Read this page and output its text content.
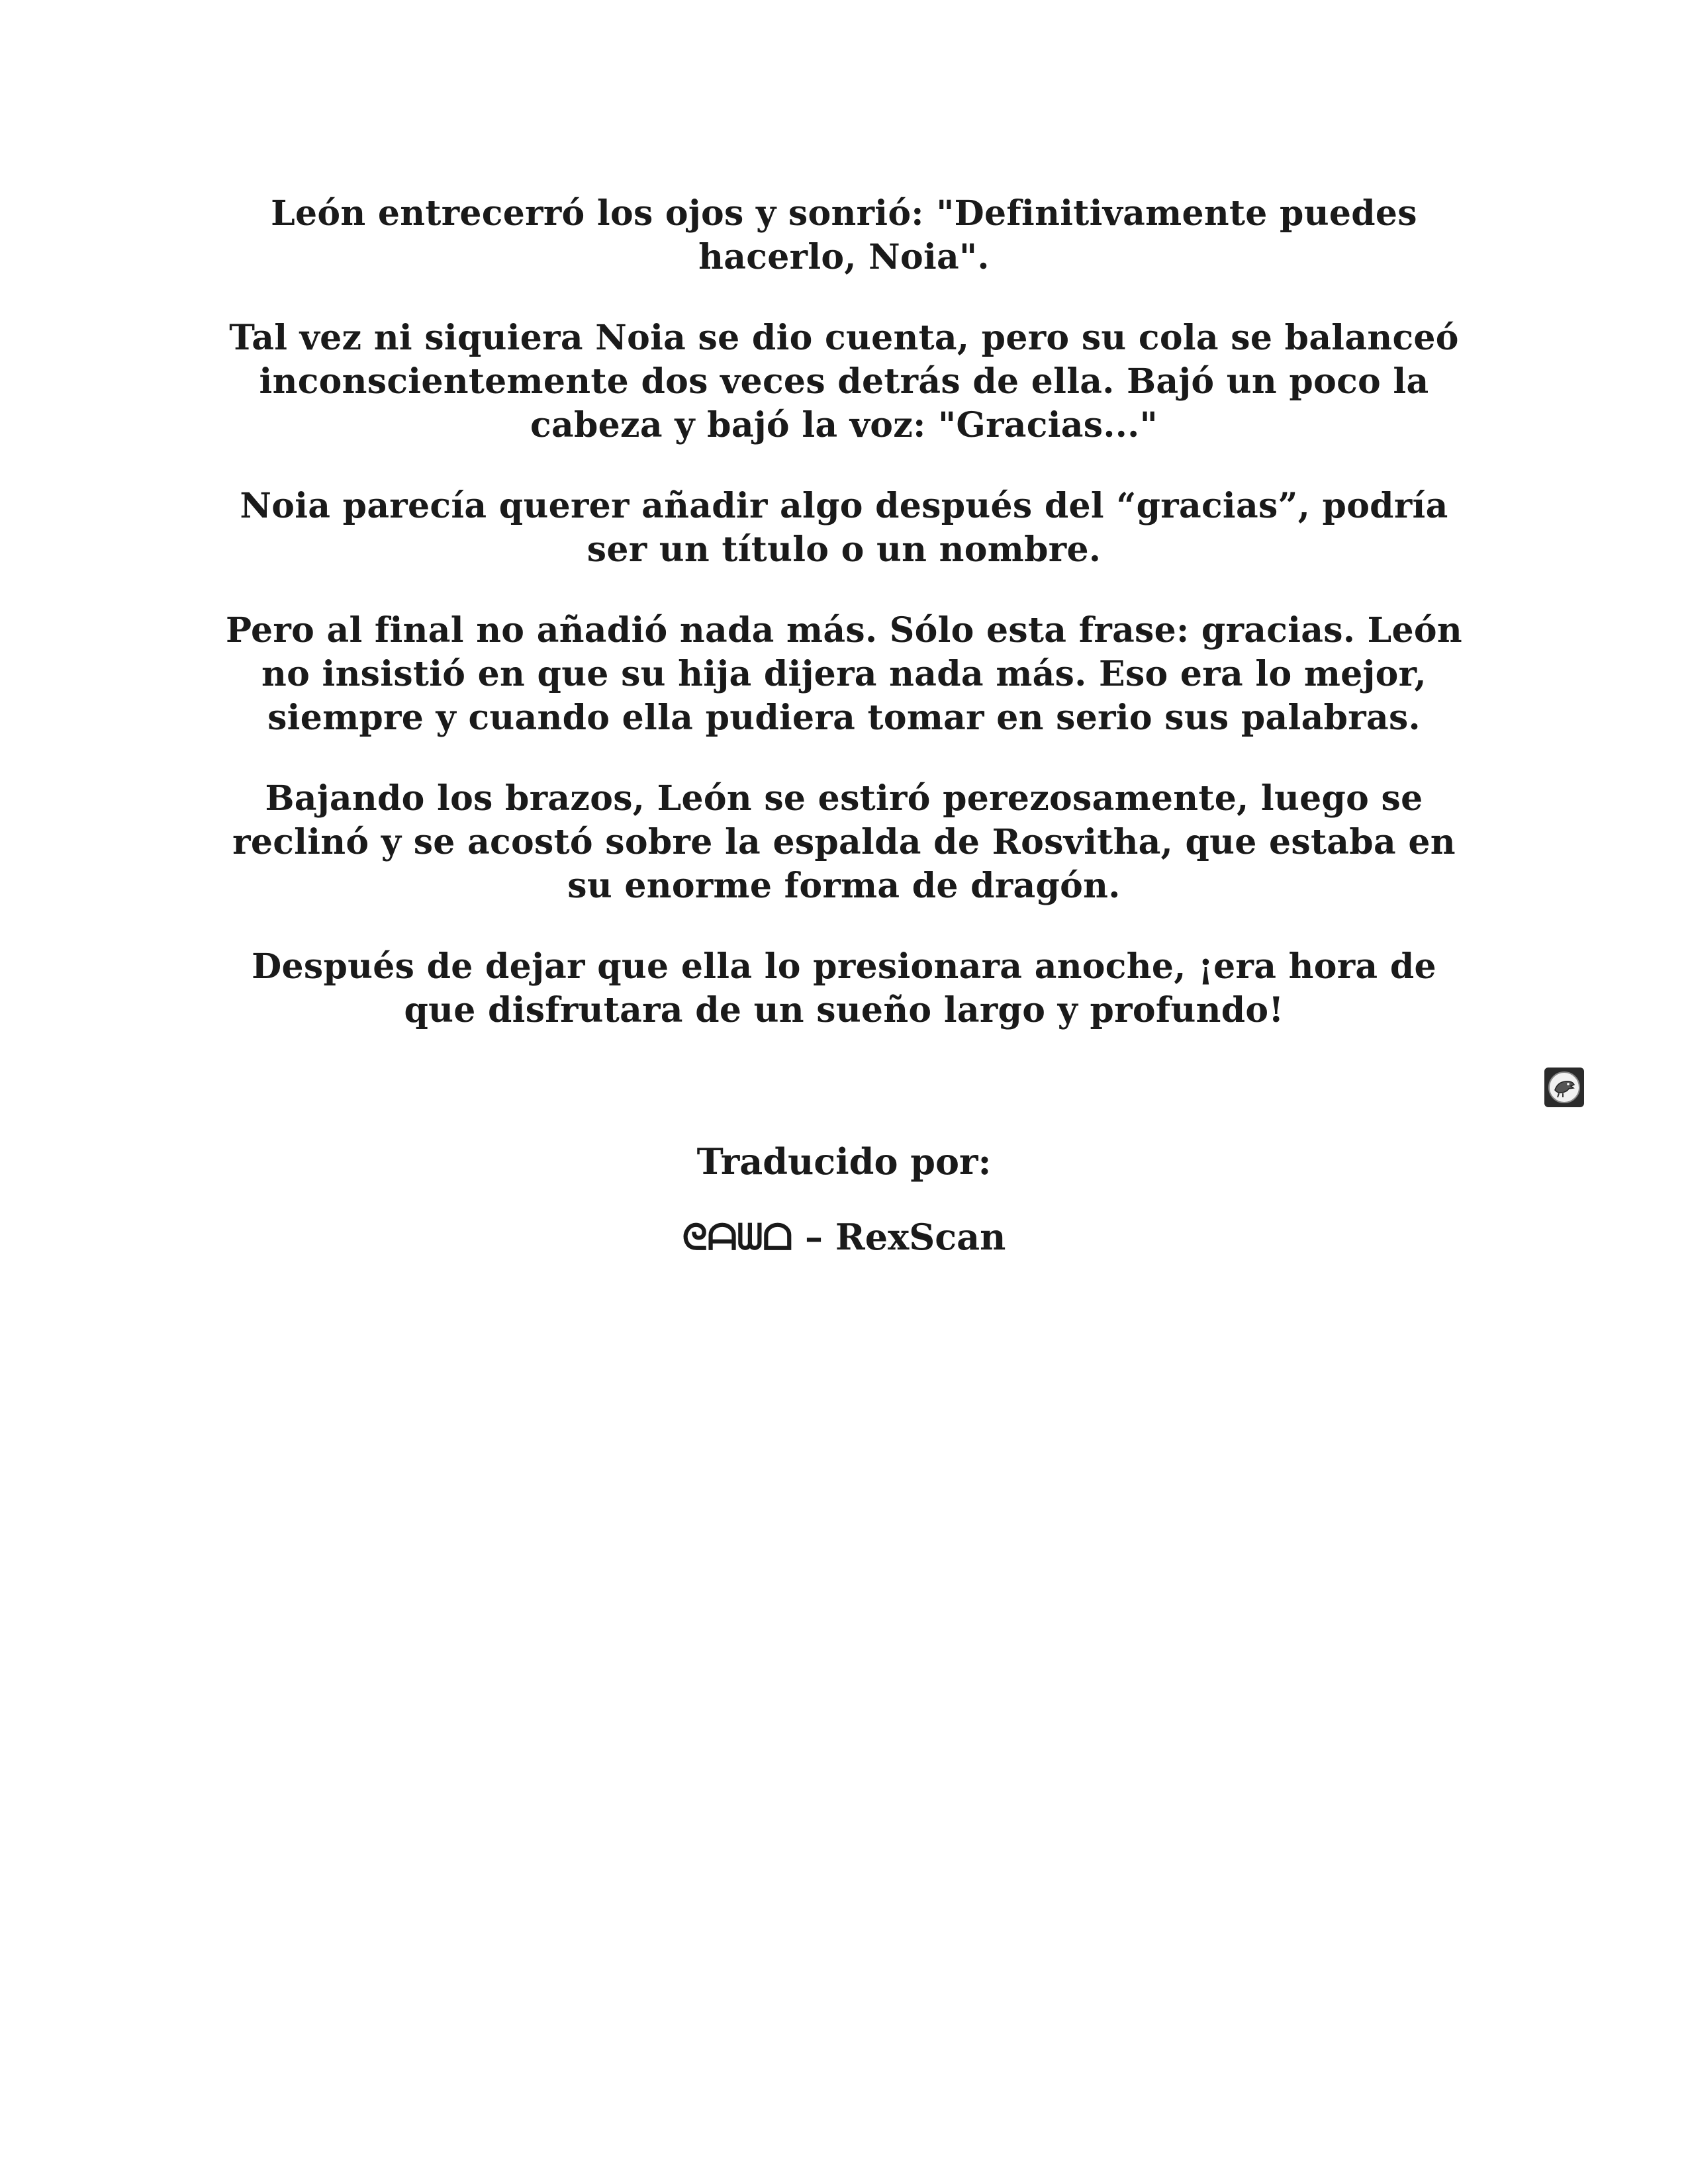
León entrecerró los ojos y sonrió: "Definitivamente puedes hacerlo, Noia".

Tal vez ni siquiera Noia se dio cuenta, pero su cola se balanceó inconscientemente dos veces detrás de ella. Bajó un poco la cabeza y bajó la voz: "Gracias..."

Noia parecía querer añadir algo después del “gracias”, podría ser un título o un nombre.

Pero al final no añadió nada más. Sólo esta frase: gracias. León no insistió en que su hija dijera nada más. Eso era lo mejor, siempre y cuando ella pudiera tomar en serio sus palabras.

Bajando los brazos, León se estiró perezosamente, luego se reclinó y se acostó sobre la espalda de Rosvitha, que estaba en su enorme forma de dragón.

Después de dejar que ella lo presionara anoche, ¡era hora de que disfrutara de un sueño largo y profundo!

Traducido por:

ᘓᗩᗯᗝ – RexScan
